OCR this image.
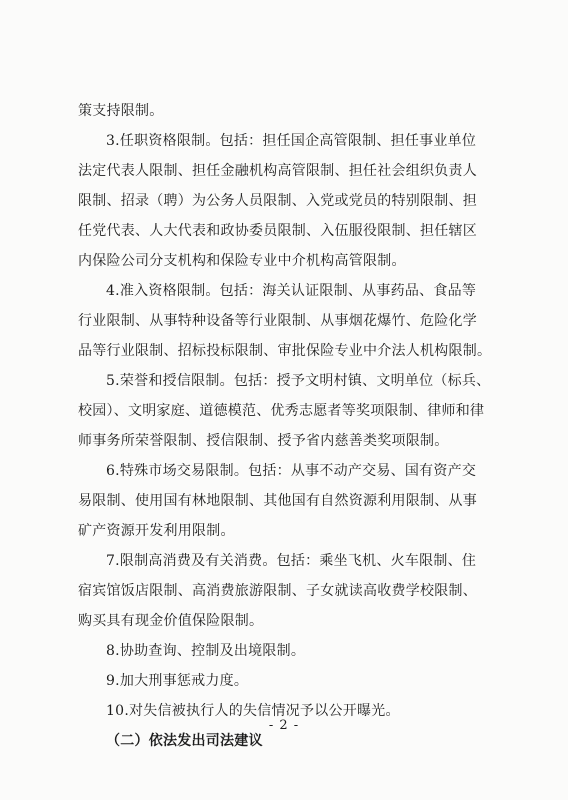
策支持限制。
3.任职资格限制。包括：担任国企高管限制、担任事业单位
法定代表人限制、担任金融机构高管限制、担任社会组织负责人
限制、招录（聘）为公务人员限制、入党或党员的特别限制、担
任党代表、人大代表和政协委员限制、入伍服役限制、担任辖区
内保险公司分支机构和保险专业中介机构高管限制。
4.准入资格限制。包括：海关认证限制、从事药品、食品等
行业限制、从事特种设备等行业限制、从事烟花爆竹、危险化学
品等行业限制、招标投标限制、审批保险专业中介法人机构限制。
5.荣誉和授信限制。包括：授予文明村镇、文明单位（标兵、
校园）、文明家庭、道德模范、优秀志愿者等奖项限制、律师和律
师事务所荣誉限制、授信限制、授予省内慈善类奖项限制。
6.特殊市场交易限制。包括：从事不动产交易、国有资产交
易限制、使用国有林地限制、其他国有自然资源利用限制、从事
矿产资源开发利用限制。
7.限制高消费及有关消费。包括：乘坐飞机、火车限制、住
宿宾馆饭店限制、高消费旅游限制、子女就读高收费学校限制、
购买具有现金价值保险限制。
8.协助查询、控制及出境限制。
9.加大刑事惩戒力度。
10.对失信被执行人的失信情况予以公开曝光。
（二）依法发出司法建议
- 2 -
